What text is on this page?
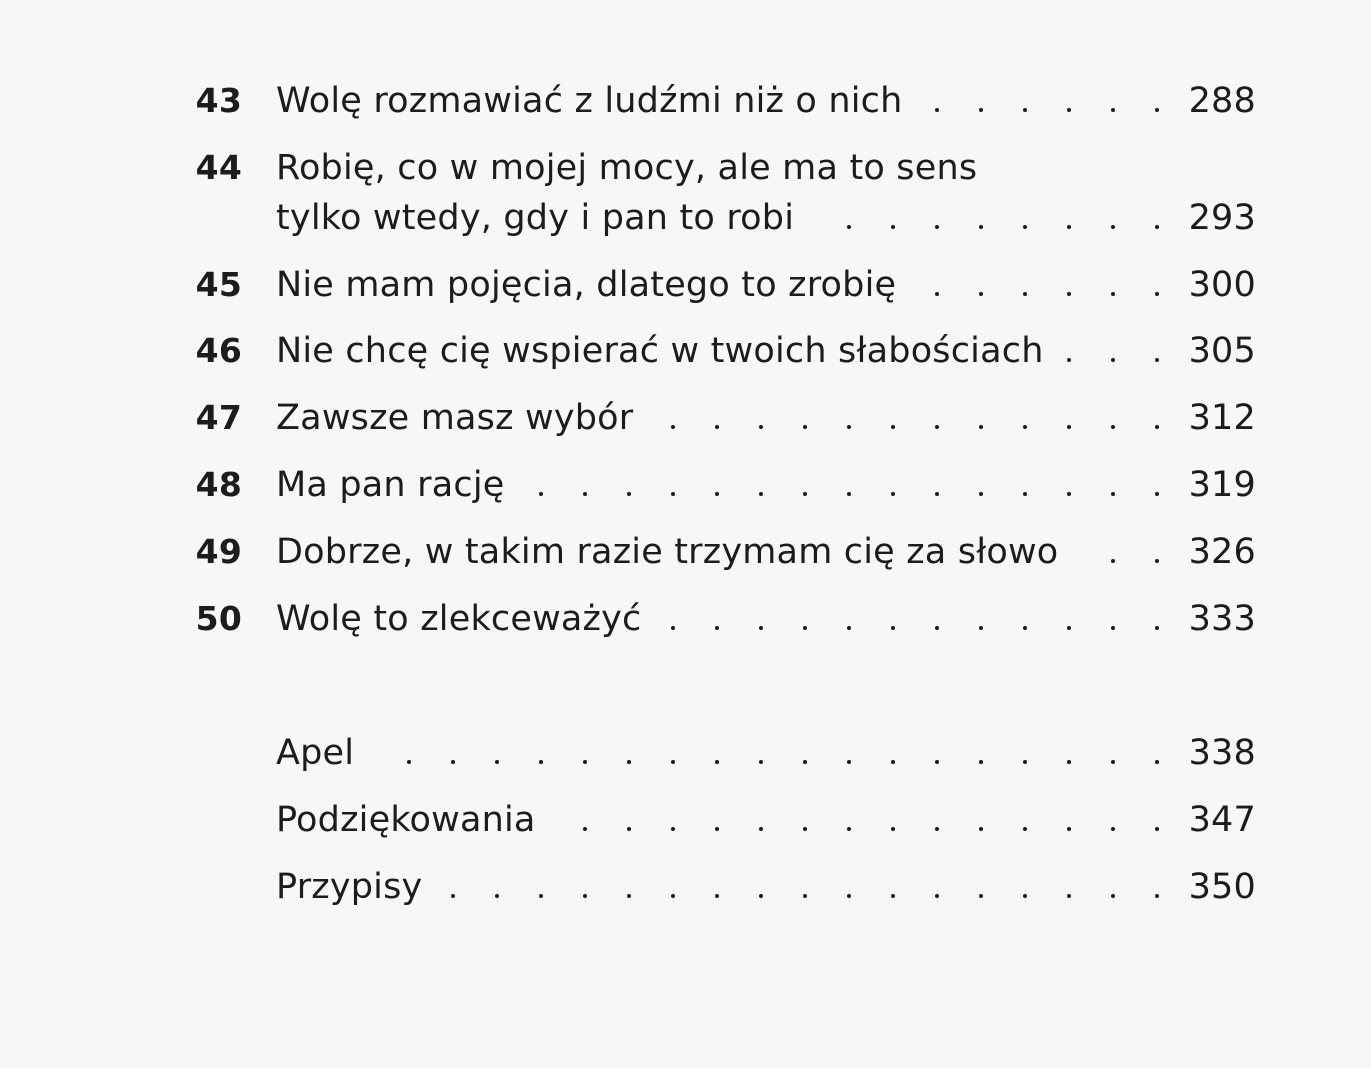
43 Wolę rozmawiać z ludźmi niż o nich	288
44 Robię, co w mojej mocy, ale ma to sens
tylko wtedy, gdy i pan to robi	293
45 Nie mam pojęcia, dlatego to zrobię	300
46 Nie chcę cię wspierać w twoich słabościach	305
47 Zawsze masz wybór	312
48 Ma pan rację	319
49 Dobrze, w takim razie trzymam cię za słowo	326
50 Wolę to zlekceważyć	333
Apel	338
Podziękowania	347
Przypisy	350
